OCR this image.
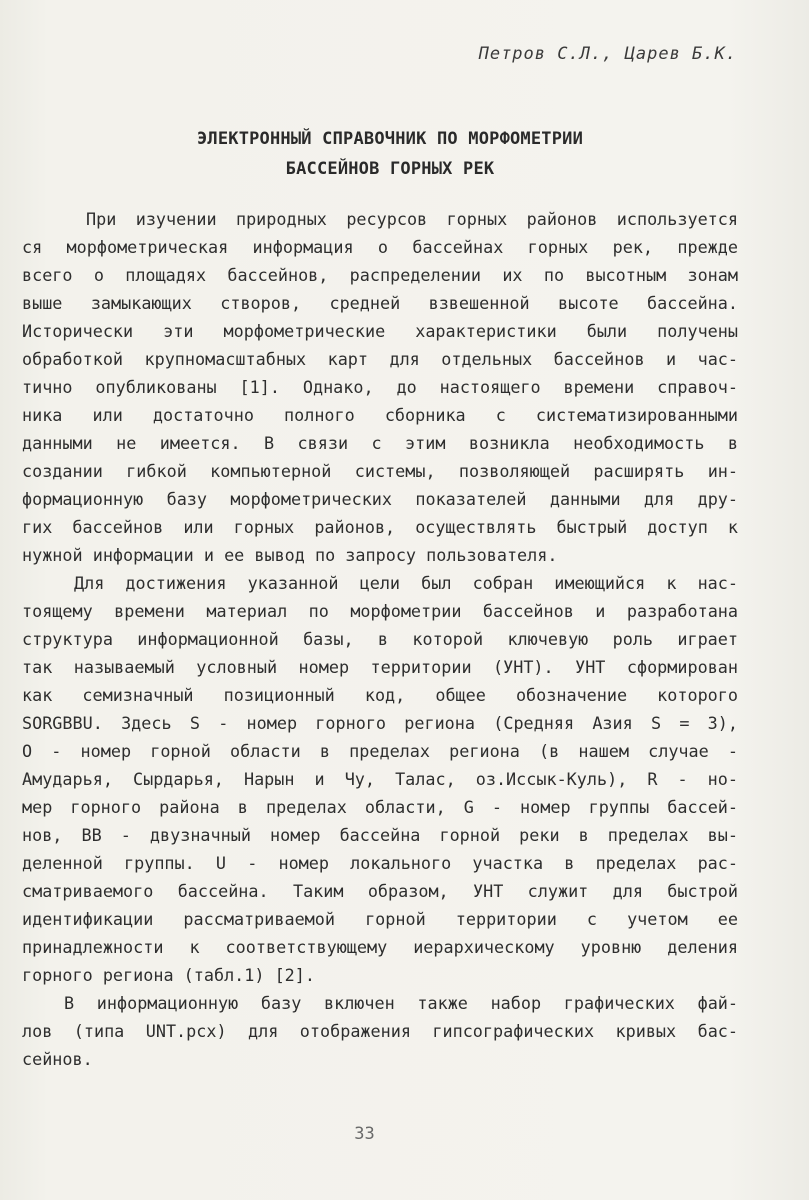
Петров С.Л., Царев Б.К.
ЭЛЕКТРОННЫЙ СПРАВОЧНИК ПО МОРФОМЕТРИИ
БАССЕЙНОВ ГОРНЫХ РЕК
При изучении природных ресурсов горных районов используется
ся морфометрическая информация о бассейнах горных рек, прежде
всего о площадях бассейнов, распределении их по высотным зонам
выше замыкающих створов, средней взвешенной высоте бассейна.
Исторически эти морфометрические характеристики были получены
обработкой крупномасштабных карт для отдельных бассейнов и час-
тично опубликованы [1]. Однако, до настоящего времени справоч-
ника или достаточно полного сборника с систематизированными
данными не имеется. В связи с этим возникла необходимость в
создании гибкой компьютерной системы, позволяющей расширять ин-
формационную базу морфометрических показателей данными для дру-
гих бассейнов или горных районов, осуществлять быстрый доступ к
нужной информации и ее вывод по запросу пользователя.
Для достижения указанной цели был собран имеющийся к нас-
тоящему времени материал по морфометрии бассейнов и разработана
структура информационной базы, в которой ключевую роль играет
так называемый условный номер территории (УНТ). УНТ сформирован
как семизначный позиционный код, общее обозначение которого
SORGBBU. Здесь S - номер горного региона (Средняя Азия S = 3),
O - номер горной области в пределах региона (в нашем случае -
Амударья, Сырдарья, Нарын и Чу, Талас, оз.Иссык-Куль), R - но-
мер горного района в пределах области, G - номер группы бассей-
нов, BB - двузначный номер бассейна горной реки в пределах вы-
деленной группы. U - номер локального участка в пределах рас-
сматриваемого бассейна. Таким образом, УНТ служит для быстрой
идентификации рассматриваемой горной территории с учетом ее
принадлежности к соответствующему иерархическому уровню деления
горного региона (табл.1) [2].
В информационную базу включен также набор графических фай-
лов (типа UNT.pcx) для отображения гипсографических кривых бас-
сейнов.
33
